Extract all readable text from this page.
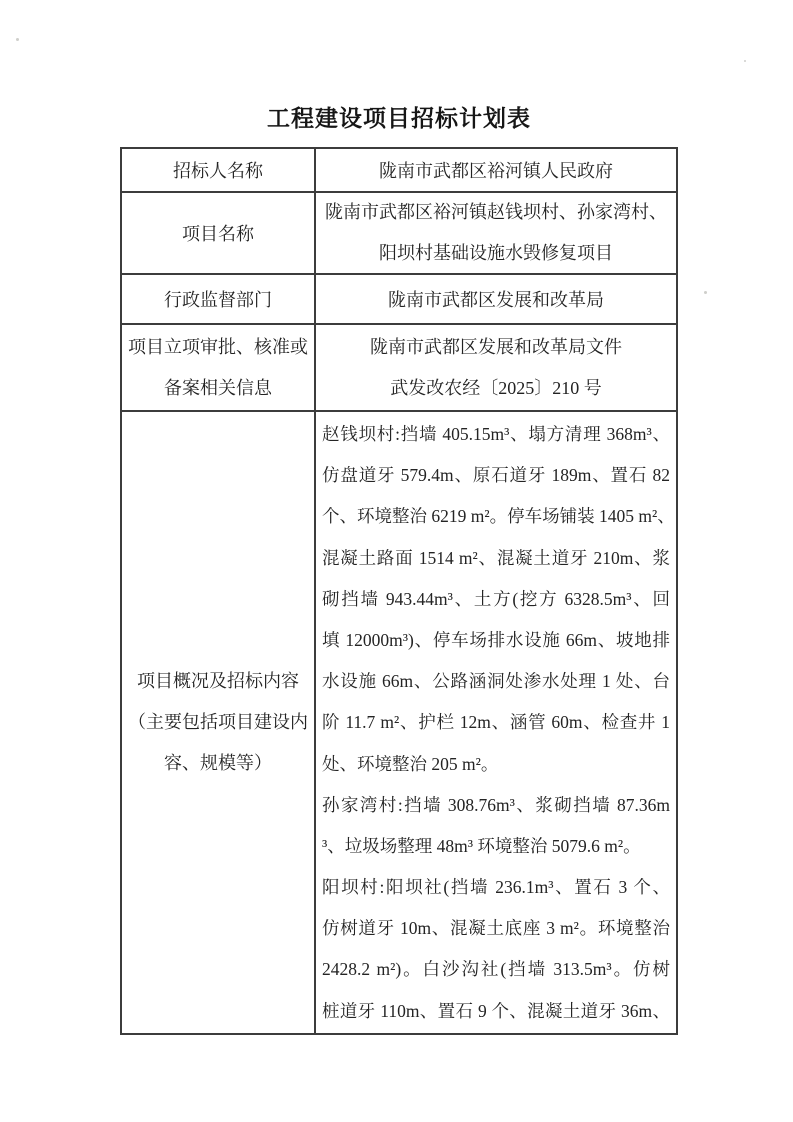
工程建设项目招标计划表
招标人名称	陇南市武都区裕河镇人民政府
项目名称
陇南市武都区裕河镇赵钱坝村、孙家湾村、
阳坝村基础设施水毁修复项目
行政监督部门	陇南市武都区发展和改革局
项目立项审批、核准或
备案相关信息
陇南市武都区发展和改革局文件
武发改农经〔2025〕210 号
项目概况及招标内容
（主要包括项目建设内
容、规模等）
赵钱坝村:挡墙 405.15m³、塌方清理 368m³、
仿盘道牙 579.4m、原石道牙 189m、置石 82
个、环境整治 6219 m²。停车场铺装 1405 m²、
混凝土路面 1514 m²、混凝土道牙 210m、浆
砌挡墙 943.44m³、土方(挖方 6328.5m³、回
填 12000m³)、停车场排水设施 66m、坡地排
水设施 66m、公路涵洞处渗水处理 1 处、台
阶 11.7 m²、护栏 12m、涵管 60m、检查井 1
处、环境整治 205 m²。
孙家湾村:挡墙 308.76m³、浆砌挡墙 87.36m
³、垃圾场整理 48m³ 环境整治 5079.6 m²。
阳坝村:阳坝社(挡墙 236.1m³、置石 3 个、
仿树道牙 10m、混凝土底座 3 m²。环境整治
2428.2 m²)。白沙沟社(挡墙 313.5m³。仿树
桩道牙 110m、置石 9 个、混凝土道牙 36m、
